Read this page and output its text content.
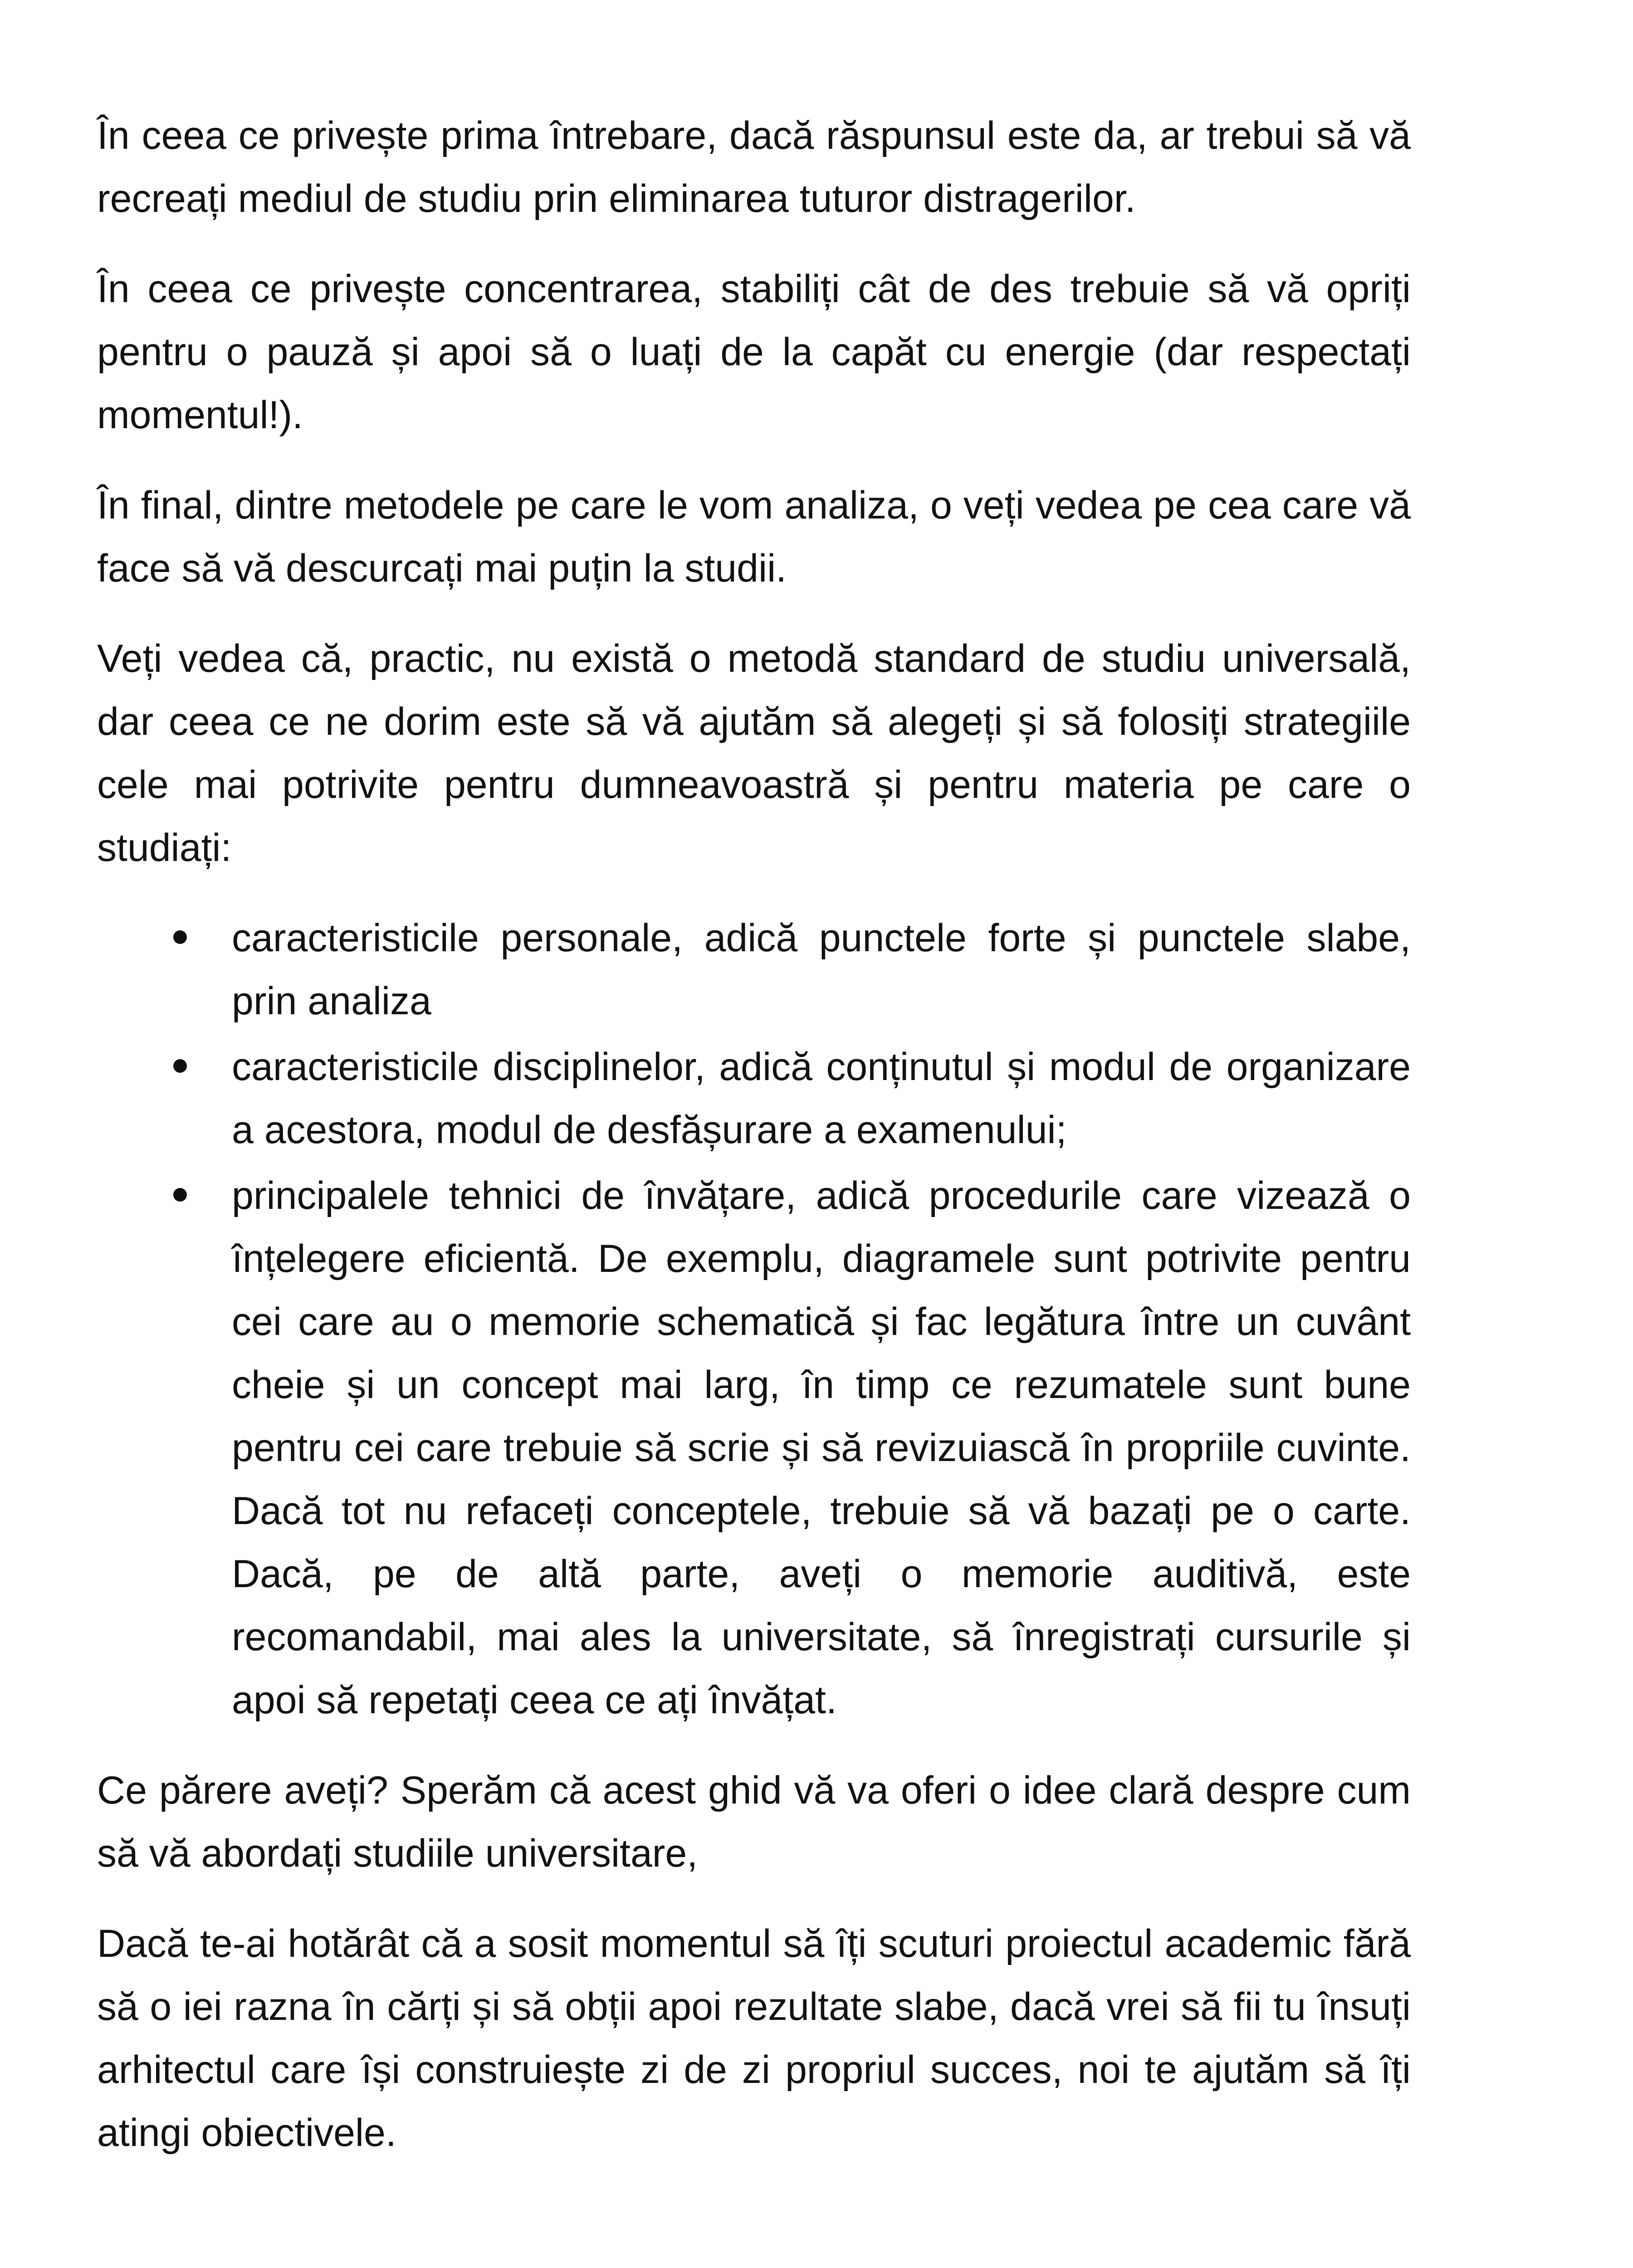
În ceea ce privește prima întrebare, dacă răspunsul este da, ar trebui să vă recreați mediul de studiu prin eliminarea tuturor distragerilor.

În ceea ce privește concentrarea, stabiliți cât de des trebuie să vă opriți pentru o pauză și apoi să o luați de la capăt cu energie (dar respectați momentul!).

În final, dintre metodele pe care le vom analiza, o veți vedea pe cea care vă face să vă descurcați mai puțin la studii.

Veți vedea că, practic, nu există o metodă standard de studiu universală, dar ceea ce ne dorim este să vă ajutăm să alegeți și să folosiți strategiile cele mai potrivite pentru dumneavoastră și pentru materia pe care o studiați:

caracteristicile personale, adică punctele forte și punctele slabe, prin analiza
caracteristicile disciplinelor, adică conținutul și modul de organizare a acestora, modul de desfășurare a examenului;
principalele tehnici de învățare, adică procedurile care vizează o înțelegere eficientă. De exemplu, diagramele sunt potrivite pentru cei care au o memorie schematică și fac legătura între un cuvânt cheie și un concept mai larg, în timp ce rezumatele sunt bune pentru cei care trebuie să scrie și să revizuiască în propriile cuvinte. Dacă tot nu refaceți conceptele, trebuie să vă bazați pe o carte. Dacă, pe de altă parte, aveți o memorie auditivă, este recomandabil, mai ales la universitate, să înregistrați cursurile și apoi să repetați ceea ce ați învățat.

Ce părere aveți? Sperăm că acest ghid vă va oferi o idee clară despre cum să vă abordați studiile universitare,

Dacă te-ai hotărât că a sosit momentul să îți scuturi proiectul academic fără să o iei razna în cărți și să obții apoi rezultate slabe, dacă vrei să fii tu însuți arhitectul care își construiește zi de zi propriul succes, noi te ajutăm să îți atingi obiectivele.
